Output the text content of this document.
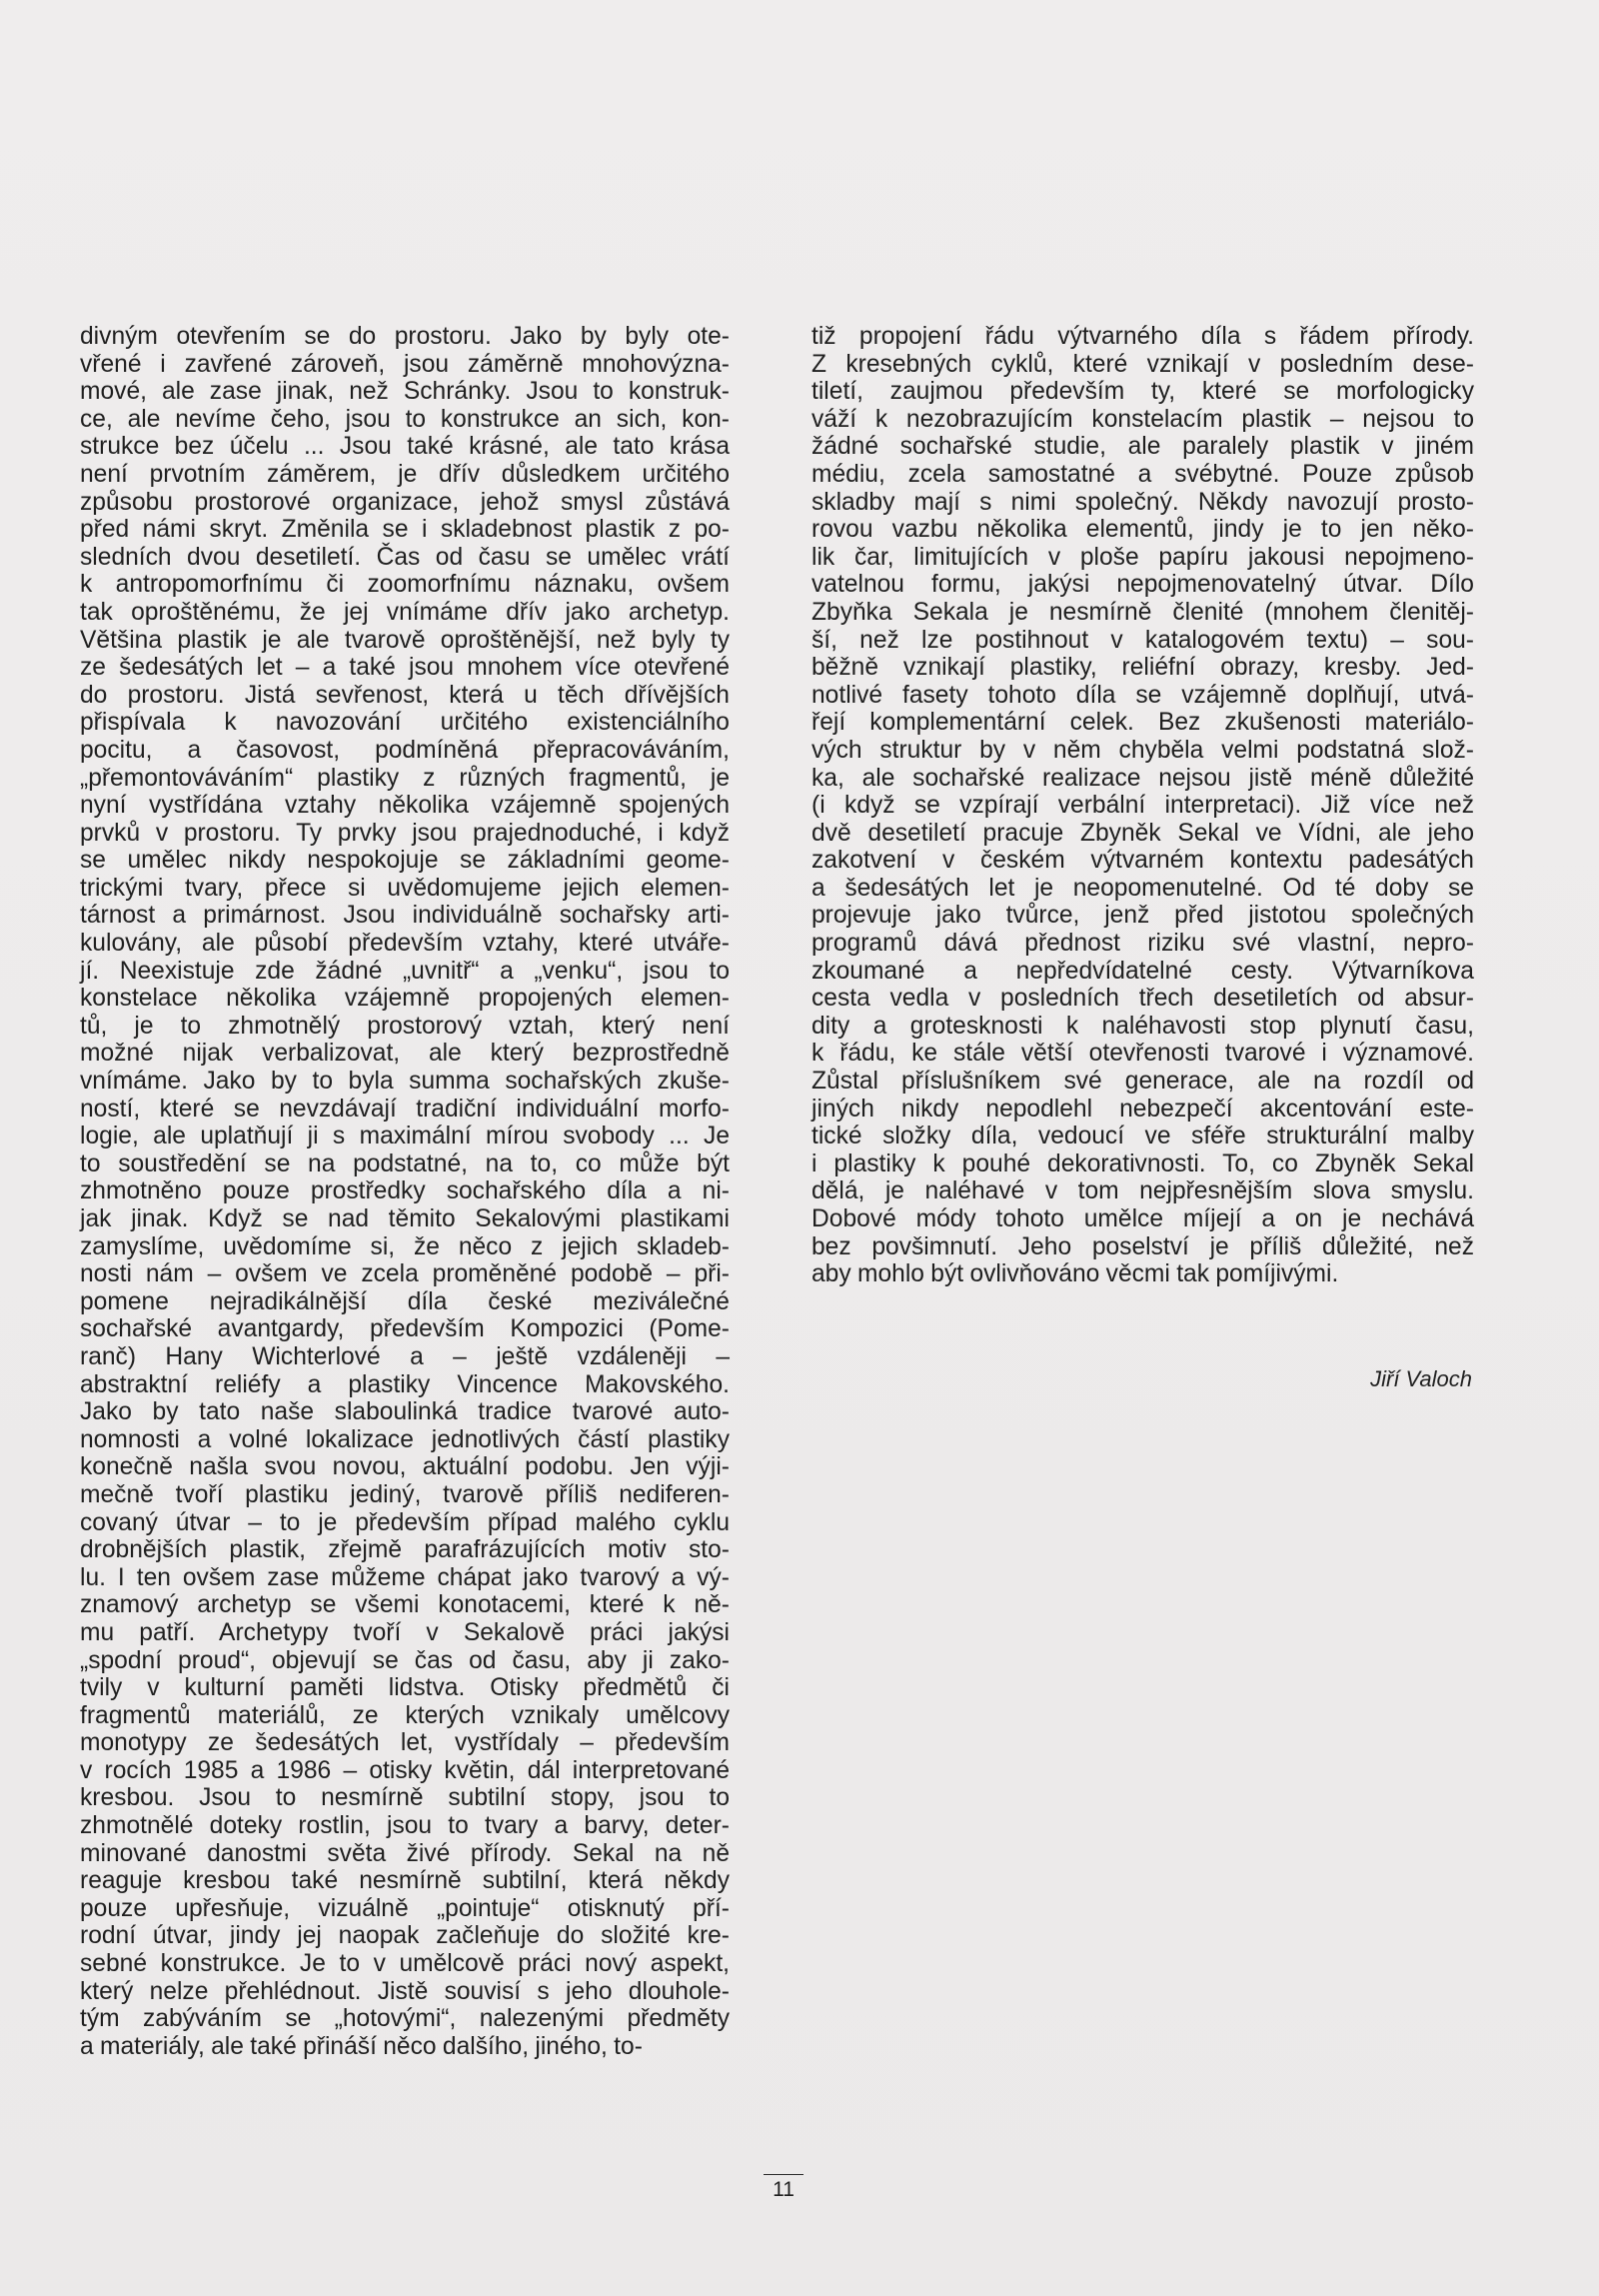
divným otevřením se do prostoru. Jako by byly ote-
vřené i zavřené zároveň, jsou záměrně mnohovýzna-
mové, ale zase jinak, než Schránky. Jsou to konstruk-
ce, ale nevíme čeho, jsou to konstrukce an sich, kon-
strukce bez účelu ... Jsou také krásné, ale tato krása
není prvotním záměrem, je dřív důsledkem určitého
způsobu prostorové organizace, jehož smysl zůstává
před námi skryt. Změnila se i skladebnost plastik z po-
sledních dvou desetiletí. Čas od času se umělec vrátí
k antropomorfnímu či zoomorfnímu náznaku, ovšem
tak oproštěnému, že jej vnímáme dřív jako archetyp.
Většina plastik je ale tvarově oproštěnější, než byly ty
ze šedesátých let – a také jsou mnohem více otevřené
do prostoru. Jistá sevřenost, která u těch dřívějších
přispívala k navozování určitého existenciálního
pocitu, a časovost, podmíněná přepracováváním,
„přemontováváním“ plastiky z různých fragmentů, je
nyní vystřídána vztahy několika vzájemně spojených
prvků v prostoru. Ty prvky jsou prajednoduché, i když
se umělec nikdy nespokojuje se základními geome-
trickými tvary, přece si uvědomujeme jejich elemen-
tárnost a primárnost. Jsou individuálně sochařsky arti-
kulovány, ale působí především vztahy, které utváře-
jí. Neexistuje zde žádné „uvnitř“ a „venku“, jsou to
konstelace několika vzájemně propojených elemen-
tů, je to zhmotnělý prostorový vztah, který není
možné nijak verbalizovat, ale který bezprostředně
vnímáme. Jako by to byla summa sochařských zkuše-
ností, které se nevzdávají tradiční individuální morfo-
logie, ale uplatňují ji s maximální mírou svobody ... Je
to soustředění se na podstatné, na to, co může být
zhmotněno pouze prostředky sochařského díla a ni-
jak jinak. Když se nad těmito Sekalovými plastikami
zamyslíme, uvědomíme si, že něco z jejich skladeb-
nosti nám – ovšem ve zcela proměněné podobě – při-
pomene nejradikálnější díla české meziválečné
sochařské avantgardy, především Kompozici (Pome-
ranč) Hany Wichterlové a – ještě vzdáleněji –
abstraktní reliéfy a plastiky Vincence Makovského.
Jako by tato naše slaboulinká tradice tvarové auto-
nomnosti a volné lokalizace jednotlivých částí plastiky
konečně našla svou novou, aktuální podobu. Jen výji-
mečně tvoří plastiku jediný, tvarově příliš nediferen-
covaný útvar – to je především případ malého cyklu
drobnějších plastik, zřejmě parafrázujících motiv sto-
lu. I ten ovšem zase můžeme chápat jako tvarový a vý-
znamový archetyp se všemi konotacemi, které k ně-
mu patří. Archetypy tvoří v Sekalově práci jakýsi
„spodní proud“, objevují se čas od času, aby ji zako-
tvily v kulturní paměti lidstva. Otisky předmětů či
fragmentů materiálů, ze kterých vznikaly umělcovy
monotypy ze šedesátých let, vystřídaly – především
v rocích 1985 a 1986 – otisky květin, dál interpretované
kresbou. Jsou to nesmírně subtilní stopy, jsou to
zhmotnělé doteky rostlin, jsou to tvary a barvy, deter-
minované danostmi světa živé přírody. Sekal na ně
reaguje kresbou také nesmírně subtilní, která někdy
pouze upřesňuje, vizuálně „pointuje“ otisknutý pří-
rodní útvar, jindy jej naopak začleňuje do složité kre-
sebné konstrukce. Je to v umělcově práci nový aspekt,
který nelze přehlédnout. Jistě souvisí s jeho dlouhole-
tým zabýváním se „hotovými“, nalezenými předměty
a materiály, ale také přináší něco dalšího, jiného, to-
tiž propojení řádu výtvarného díla s řádem přírody.
Z kresebných cyklů, které vznikají v posledním dese-
tiletí, zaujmou především ty, které se morfologicky
váží k nezobrazujícím konstelacím plastik – nejsou to
žádné sochařské studie, ale paralely plastik v jiném
médiu, zcela samostatné a svébytné. Pouze způsob
skladby mají s nimi společný. Někdy navozují prosto-
rovou vazbu několika elementů, jindy je to jen něko-
lik čar, limitujících v ploše papíru jakousi nepojmeno-
vatelnou formu, jakýsi nepojmenovatelný útvar. Dílo
Zbyňka Sekala je nesmírně členité (mnohem členitěj-
ší, než lze postihnout v katalogovém textu) – sou-
běžně vznikají plastiky, reliéfní obrazy, kresby. Jed-
notlivé fasety tohoto díla se vzájemně doplňují, utvá-
řejí komplementární celek. Bez zkušenosti materiálo-
vých struktur by v něm chyběla velmi podstatná slož-
ka, ale sochařské realizace nejsou jistě méně důležité
(i když se vzpírají verbální interpretaci). Již více než
dvě desetiletí pracuje Zbyněk Sekal ve Vídni, ale jeho
zakotvení v českém výtvarném kontextu padesátých
a šedesátých let je neopomenutelné. Od té doby se
projevuje jako tvůrce, jenž před jistotou společných
programů dává přednost riziku své vlastní, nepro-
zkoumané a nepředvídatelné cesty. Výtvarníkova
cesta vedla v posledních třech desetiletích od absur-
dity a grotesknosti k naléhavosti stop plynutí času,
k řádu, ke stále větší otevřenosti tvarové i významové.
Zůstal příslušníkem své generace, ale na rozdíl od
jiných nikdy nepodlehl nebezpečí akcentování este-
tické složky díla, vedoucí ve sféře strukturální malby
i plastiky k pouhé dekorativnosti. To, co Zbyněk Sekal
dělá, je naléhavé v tom nejpřesnějším slova smyslu.
Dobové módy tohoto umělce míjejí a on je nechává
bez povšimnutí. Jeho poselství je příliš důležité, než
aby mohlo být ovlivňováno věcmi tak pomíjivými.
Jiří Valoch
11
